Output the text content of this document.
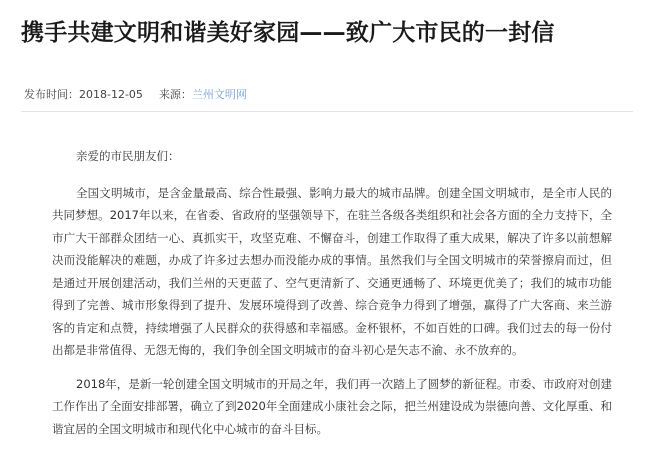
携手共建文明和谐美好家园——致广大市民的一封信
发布时间：2018-12-05 来源：兰州文明网

亲爱的市民朋友们：

全国文明城市，是含金量最高、综合性最强、影响力最大的城市品牌。创建全国文明城市，是全市人民的共同梦想。2017年以来，在省委、省政府的坚强领导下，在驻兰各级各类组织和社会各方面的全力支持下，全市广大干部群众团结一心、真抓实干，攻坚克难、不懈奋斗，创建工作取得了重大成果，解决了许多以前想解决而没能解决的难题，办成了许多过去想办而没能办成的事情。虽然我们与全国文明城市的荣誉擦肩而过，但是通过开展创建活动，我们兰州的天更蓝了、空气更清新了、交通更通畅了、环境更优美了；我们的城市功能得到了完善、城市形象得到了提升、发展环境得到了改善、综合竞争力得到了增强，赢得了广大客商、来兰游客的肯定和点赞，持续增强了人民群众的获得感和幸福感。金杯银杯，不如百姓的口碑。我们过去的每一份付出都是非常值得、无怨无悔的，我们争创全国文明城市的奋斗初心是矢志不渝、永不放弃的。

2018年，是新一轮创建全国文明城市的开局之年，我们再一次踏上了圆梦的新征程。市委、市政府对创建工作作出了全面安排部署，确立了到2020年全面建成小康社会之际，把兰州建设成为崇德向善、文化厚重、和谐宜居的全国文明城市和现代化中心城市的奋斗目标。
